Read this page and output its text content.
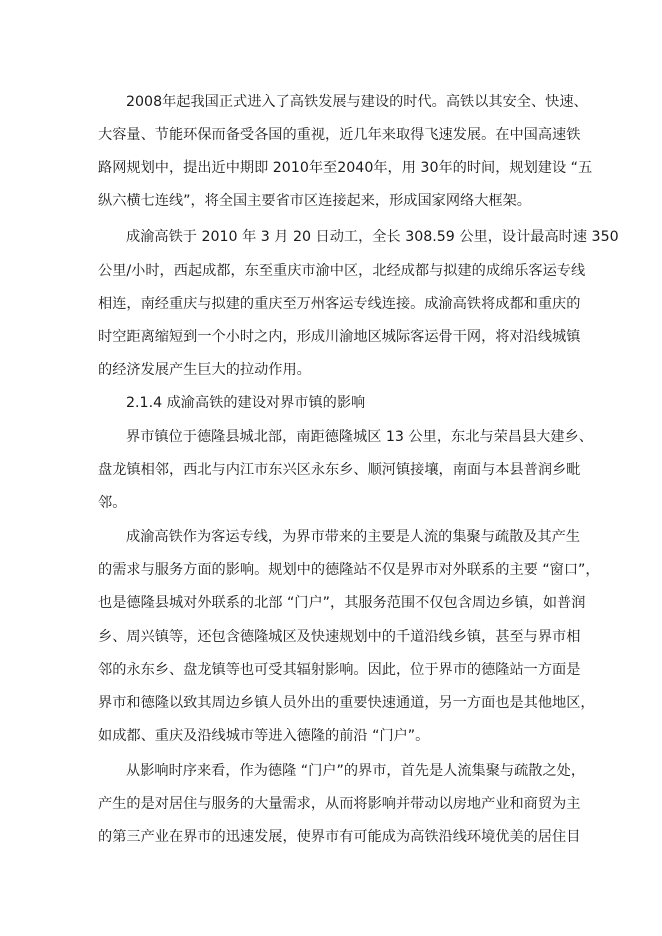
2008年起我国正式进入了高铁发展与建设的时代。高铁以其安全、快速、
大容量、节能环保而备受各国的重视，近几年来取得飞速发展。在中国高速铁
路网规划中，提出近中期即 2010年至2040年，用 30年的时间，规划建设 “五
纵六横七连线”，将全国主要省市区连接起来，形成国家网络大框架。
成渝高铁于 2010 年 3 月 20 日动工，全长 308.59 公里，设计最高时速 350
公里/小时，西起成都，东至重庆市渝中区，北经成都与拟建的成绵乐客运专线
相连，南经重庆与拟建的重庆至万州客运专线连接。成渝高铁将成都和重庆的
时空距离缩短到一个小时之内，形成川渝地区城际客运骨干网，将对沿线城镇
的经济发展产生巨大的拉动作用。
2.1.4 成渝高铁的建设对界市镇的影响
界市镇位于德隆县城北部，南距德隆城区 13 公里，东北与荣昌县大建乡、
盘龙镇相邻，西北与内江市东兴区永东乡、顺河镇接壤，南面与本县普润乡毗
邻。
成渝高铁作为客运专线，为界市带来的主要是人流的集聚与疏散及其产生
的需求与服务方面的影响。规划中的德隆站不仅是界市对外联系的主要 “窗口”，
也是德隆县城对外联系的北部 “门户”，其服务范围不仅包含周边乡镇，如普润
乡、周兴镇等，还包含德隆城区及快速规划中的千道沿线乡镇，甚至与界市相
邻的永东乡、盘龙镇等也可受其辐射影响。因此，位于界市的德隆站一方面是
界市和德隆以致其周边乡镇人员外出的重要快速通道，另一方面也是其他地区，
如成都、重庆及沿线城市等进入德隆的前沿 “门户”。
从影响时序来看，作为德隆 “门户”的界市，首先是人流集聚与疏散之处，
产生的是对居住与服务的大量需求，从而将影响并带动以房地产业和商贸为主
的第三产业在界市的迅速发展，使界市有可能成为高铁沿线环境优美的居住目
